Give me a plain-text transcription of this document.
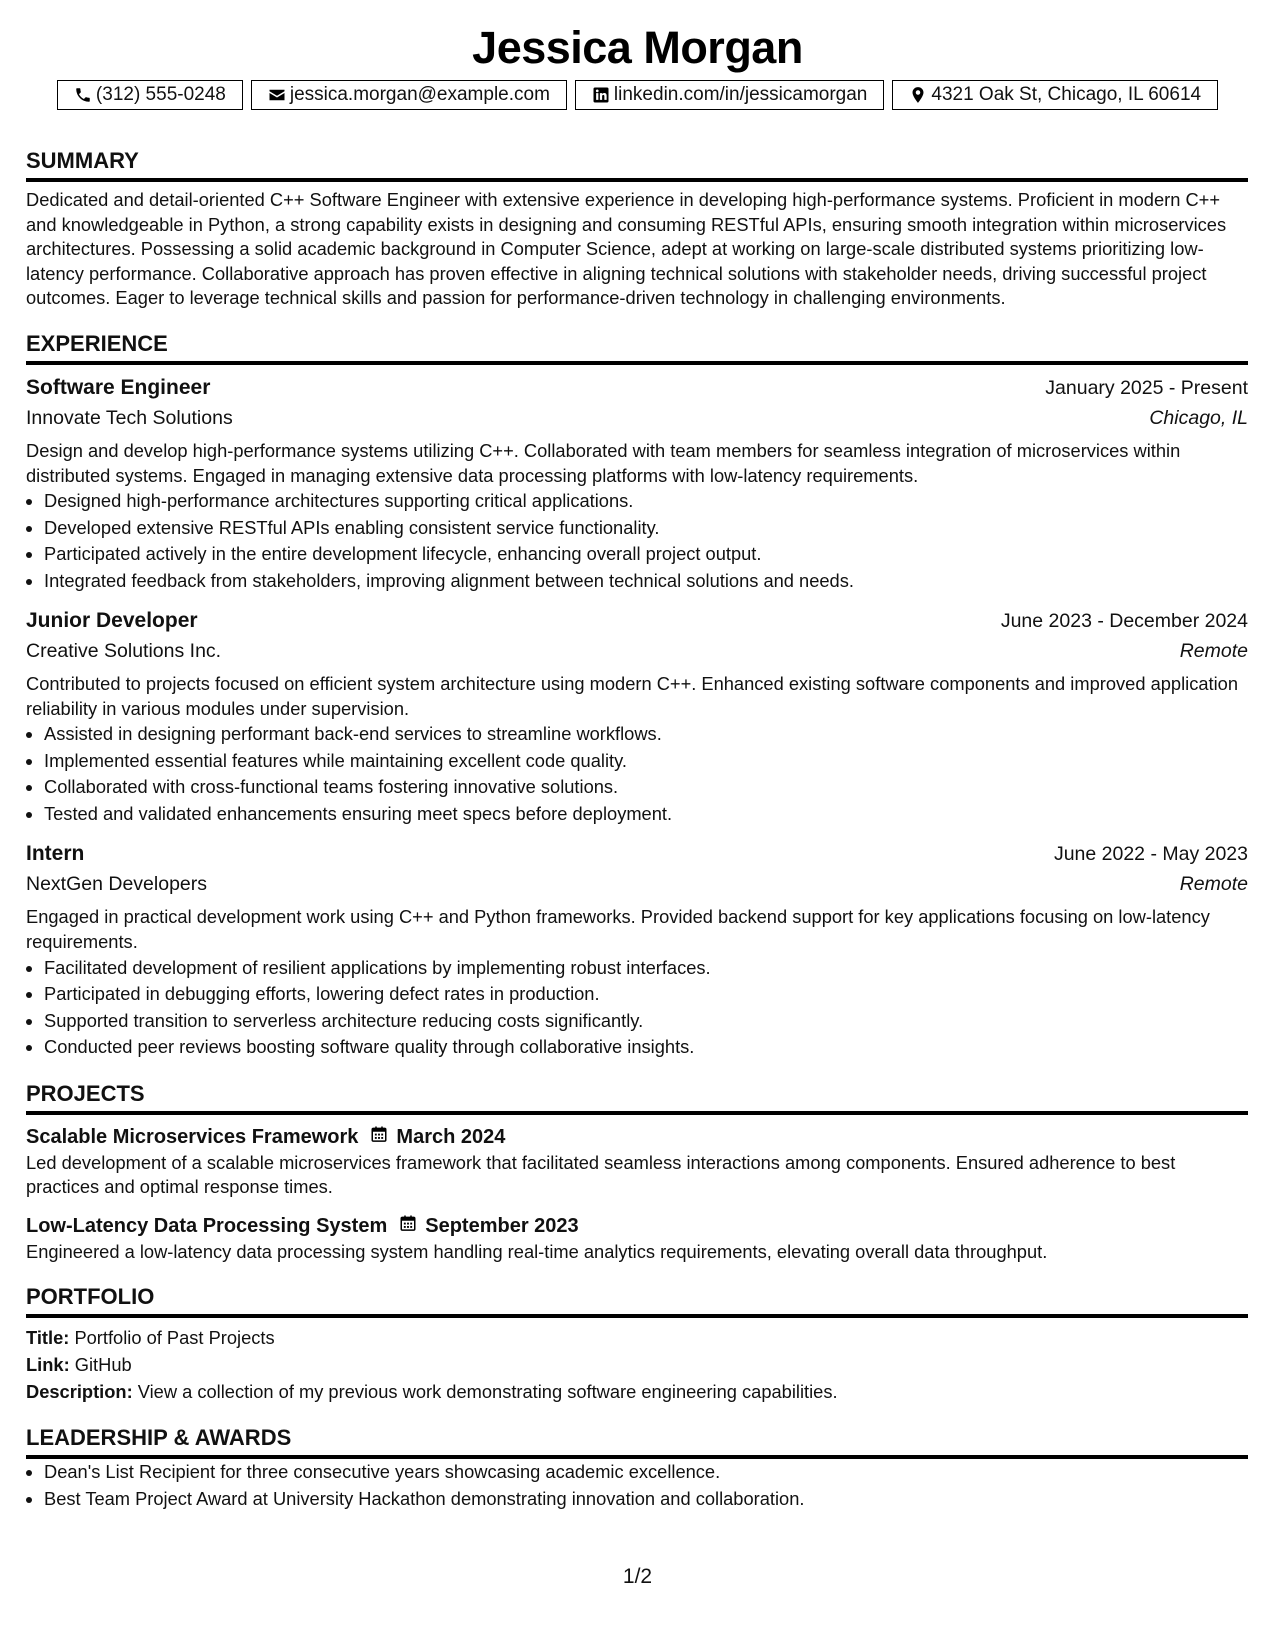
Jessica Morgan
(312) 555-0248	jessica.morgan@example.com	linkedin.com/in/jessicamorgan	4321 Oak St, Chicago, IL 60614
SUMMARY

Dedicated and detail-oriented C++ Software Engineer with extensive experience in developing high-performance systems. Proficient in modern C++ and knowledgeable in Python, a strong capability exists in designing and consuming RESTful APIs, ensuring smooth integration within microservices architectures. Possessing a solid academic background in Computer Science, adept at working on large-scale distributed systems prioritizing low-latency performance. Collaborative approach has proven effective in aligning technical solutions with stakeholder needs, driving successful project outcomes. Eager to leverage technical skills and passion for performance-driven technology in challenging environments.

EXPERIENCE
Software Engineer	January 2025 - Present
Innovate Tech Solutions	Chicago, IL

Design and develop high-performance systems utilizing C++. Collaborated with team members for seamless integration of microservices within distributed systems. Engaged in managing extensive data processing platforms with low-latency requirements.

• Designed high-performance architectures supporting critical applications.
• Developed extensive RESTful APIs enabling consistent service functionality.
• Participated actively in the entire development lifecycle, enhancing overall project output.
• Integrated feedback from stakeholders, improving alignment between technical solutions and needs.
Junior Developer	June 2023 - December 2024
Creative Solutions Inc.	Remote

Contributed to projects focused on efficient system architecture using modern C++. Enhanced existing software components and improved application reliability in various modules under supervision.

• Assisted in designing performant back-end services to streamline workflows.
• Implemented essential features while maintaining excellent code quality.
• Collaborated with cross-functional teams fostering innovative solutions.
• Tested and validated enhancements ensuring meet specs before deployment.
Intern	June 2022 - May 2023
NextGen Developers	Remote

Engaged in practical development work using C++ and Python frameworks. Provided backend support for key applications focusing on low-latency requirements.

• Facilitated development of resilient applications by implementing robust interfaces.
• Participated in debugging efforts, lowering defect rates in production.
• Supported transition to serverless architecture reducing costs significantly.
• Conducted peer reviews boosting software quality through collaborative insights.
PROJECTS
Scalable Microservices Framework March 2024

Led development of a scalable microservices framework that facilitated seamless interactions among components. Ensured adherence to best practices and optimal response times.

Low-Latency Data Processing System September 2023

Engineered a low-latency data processing system handling real-time analytics requirements, elevating overall data throughput.

PORTFOLIO
Title: Portfolio of Past Projects
Link: GitHub
Description: View a collection of my previous work demonstrating software engineering capabilities.
LEADERSHIP & AWARDS
• Dean's List Recipient for three consecutive years showcasing academic excellence.
• Best Team Project Award at University Hackathon demonstrating innovation and collaboration.
1/2
